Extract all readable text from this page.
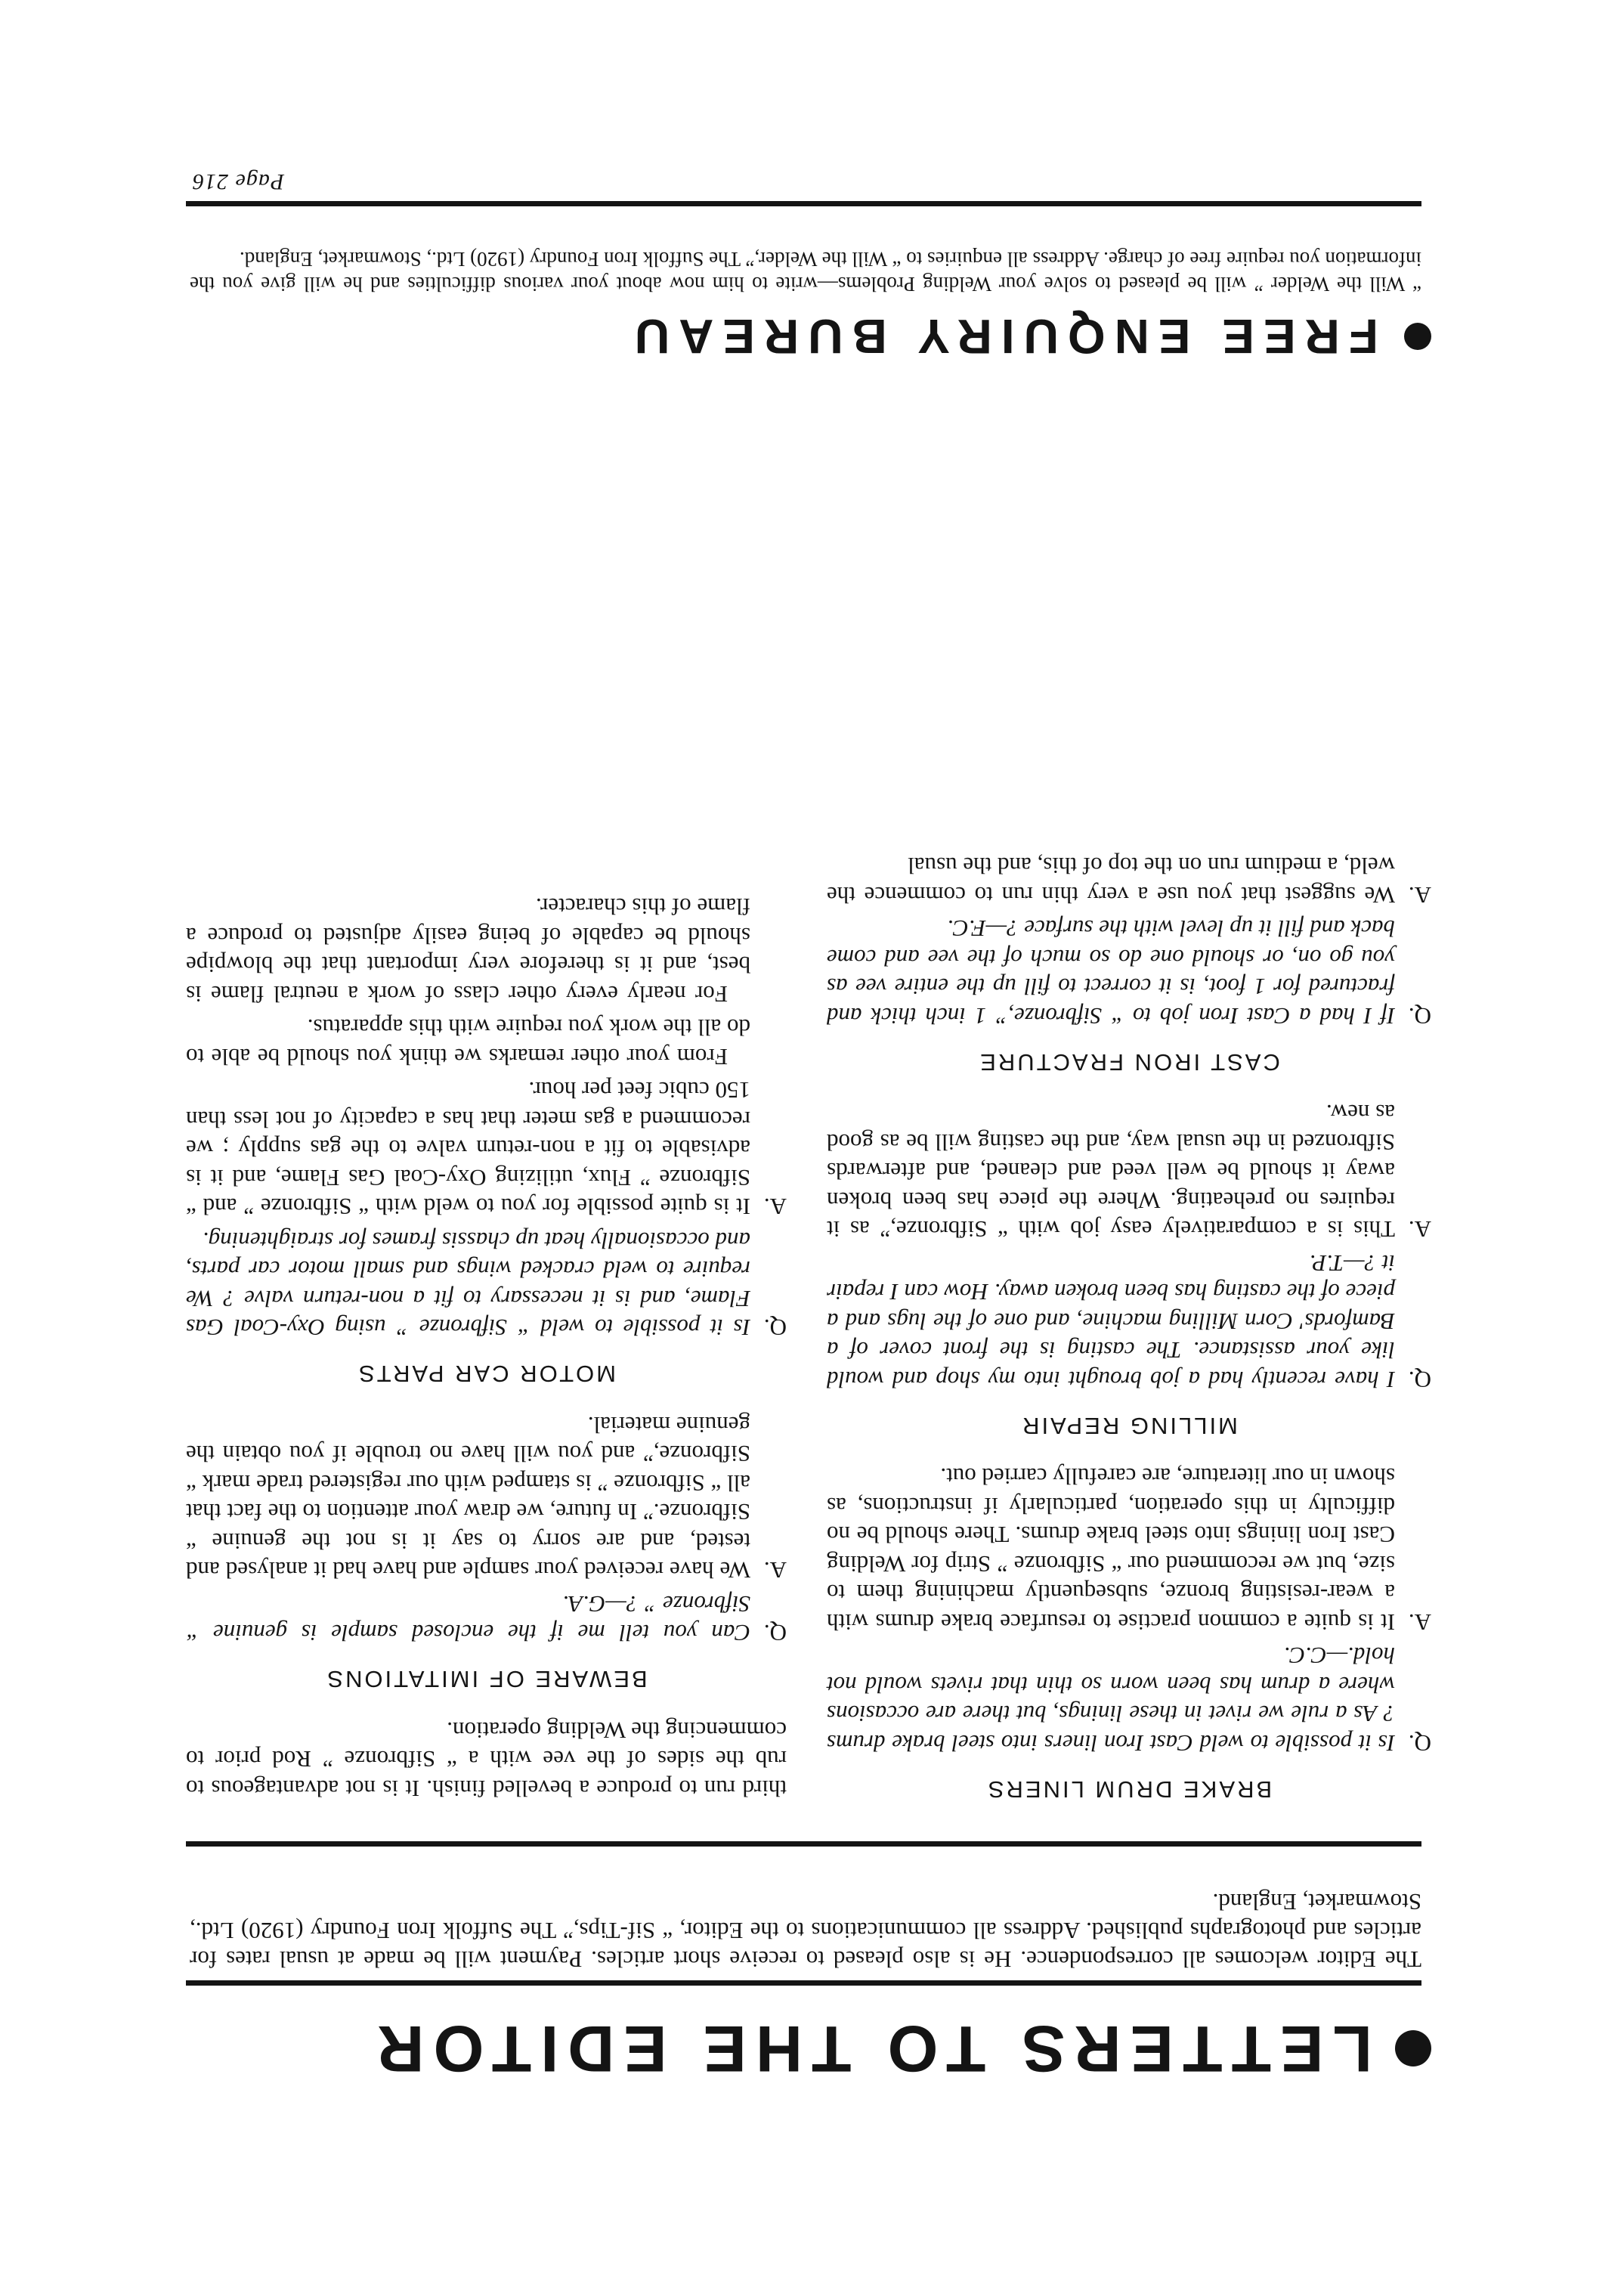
LETTERS TO THE EDITOR
The Editor welcomes all correspondence. He is also pleased to receive short articles. Payment will be made at usual rates for articles and photographs published. Address all communications to the Editor, “ Sif-Tips,” The Suffolk Iron Foundry (1920) Ltd., Stowmarket, England.
BRAKE DRUM LINERS
Q.
Is it possible to weld Cast Iron liners into steel brake drums ? As a rule we rivet in these linings, but there are occasions where a drum has been worn so thin that rivets would not hold.—C.C.
A.
It is quite a common practise to resurface brake drums with a wear-resisting bronze, subsequently machining them to size, but we recommend our “ Sifbronze ” Strip for Welding Cast Iron linings into steel brake drums. There should be no difficulty in this operation, particularly if instructions, as shown in our literature, are carefully carried out.
MILLING REPAIR
Q.
I have recently had a job brought into my shop and would like your assistance. The casting is the front cover of a Bamfords' Corn Milling machine, and one of the lugs and a piece of the casting has been broken away. How can I repair it ?—T.P.
A.
This is a comparatively easy job with “ Sifbronze,” as it requires no preheating. Where the piece has been broken away it should be well veed and cleaned, and afterwards Sifbronzed in the usual way, and the casting will be as good as new.
CAST IRON FRACTURE
Q.
If I had a Cast Iron job to “ Sifbronze,” 1 inch thick and fractured for 1 foot, is it correct to fill up the entire vee as you go on, or should one do so much of the vee and come back and fill it up level with the surface ?—F.C.
A.
We suggest that you use a very thin run to commence the weld, a medium run on the top of this, and the usual
third run to produce a bevelled finish. It is not advantageous to rub the sides of the vee with a “ Sifbronze ” Rod prior to commencing the Welding operation.
BEWARE OF IMITATIONS
Q.
Can you tell me if the enclosed sample is genuine “ Sifbronze ” ?—G.A.
A.
We have received your sample and have had it analysed and tested, and are sorry to say it is not the genuine “ Sifbronze.” In future, we draw your attention to the fact that all “ Sifbronze ” is stamped with our registered trade mark “ Sifbronze,” and you will have no trouble if you obtain the genuine material.
MOTOR CAR PARTS
Q.
Is it possible to weld “ Sifbronze ” using Oxy-Coal Gas Flame, and is it necessary to fit a non-return valve ? We require to weld cracked wings and small motor car parts, and occasionally heat up chassis frames for straightening.
A.
It is quite possible for you to weld with “ Sifbronze ” and “ Sifbronze ” Flux, utilizing Oxy-Coal Gas Flame, and it is advisable to fit a non-return valve to the gas supply ; we recommend a gas meter that has a capacity of not less than 150 cubic feet per hour.
From your other remarks we think you should be able to do all the work you require with this apparatus.
For nearly every other class of work a neutral flame is best, and it is therefore very important that the blowpipe should be capable of being easily adjusted to produce a flame of this character.
FREE ENQUIRY BUREAU
“ Will the Welder ” will be pleased to solve your Welding Problems—write to him now about your various difficulties and he will give you the information you require free of charge. Address all enquiries to “ Will the Welder,” The Suffolk Iron Foundry (1920) Ltd., Stowmarket, England.
Page 216
